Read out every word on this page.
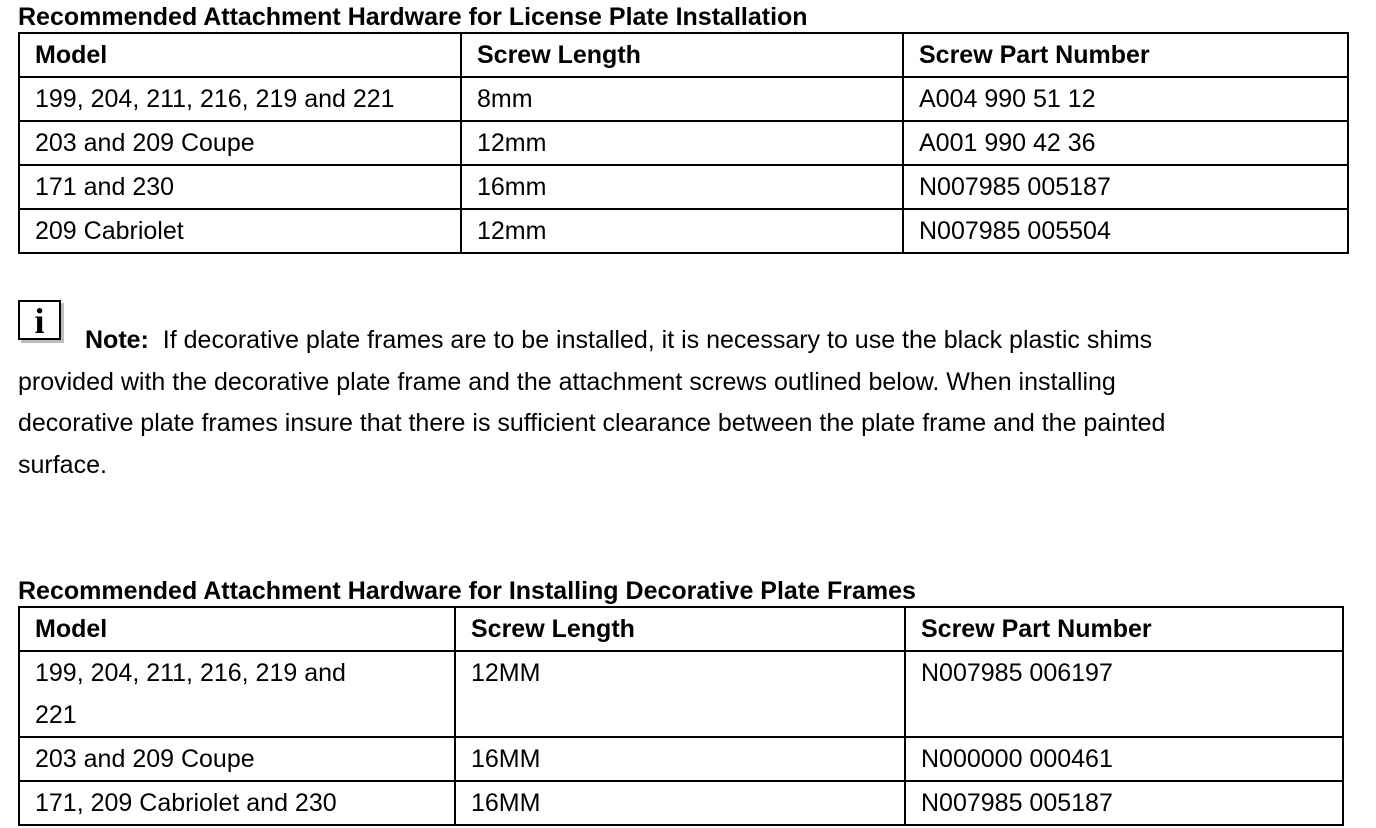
Recommended Attachment Hardware for License Plate Installation
Model	Screw Length	Screw Part Number
199, 204, 211, 216, 219 and 221	8mm	A004 990 51 12
203 and 209 Coupe	12mm	A001 990 42 36
171 and 230	16mm	N007985 005187
209 Cabriolet	12mm	N007985 005504
i	Note: If decorative plate frames are to be installed, it is necessary to use the black plastic shims
provided with the decorative plate frame and the attachment screws outlined below. When installing
decorative plate frames insure that there is sufficient clearance between the plate frame and the painted
surface.
Recommended Attachment Hardware for Installing Decorative Plate Frames
Model	Screw Length	Screw Part Number
199, 204, 211, 216, 219 and 221	12MM	N007985 006197
203 and 209 Coupe	16MM	N000000 000461
171, 209 Cabriolet and 230	16MM	N007985 005187
